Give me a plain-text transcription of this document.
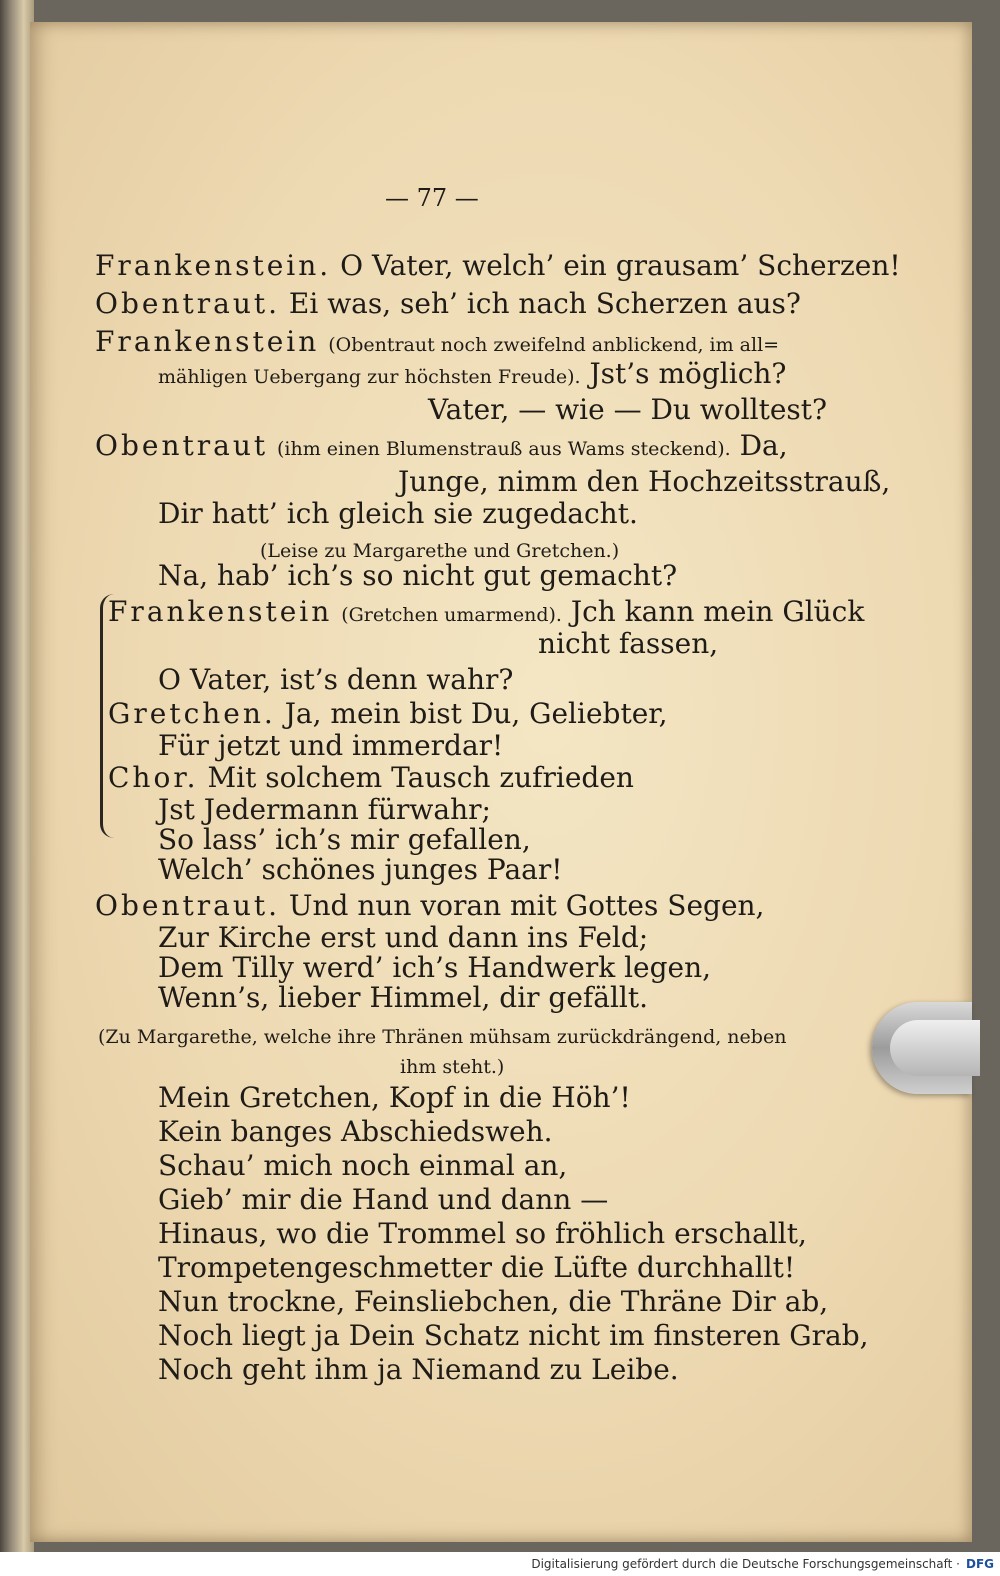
— 77 —
Frankenstein. O Vater, welch’ ein grausam’ Scherzen!
Obentraut. Ei was, seh’ ich nach Scherzen aus?
Frankenstein (Obentraut noch zweifelnd anblickend, im all=
mähligen Uebergang zur höchsten Freude). Jst’s möglich?
Vater, — wie — Du wolltest?
Obentraut (ihm einen Blumenstrauß aus Wams steckend). Da,
Junge, nimm den Hochzeitsstrauß,
Dir hatt’ ich gleich sie zugedacht.
(Leise zu Margarethe und Gretchen.)
Na, hab’ ich’s so nicht gut gemacht?
Frankenstein (Gretchen umarmend). Jch kann mein Glück
nicht fassen,
O Vater, ist’s denn wahr?
Gretchen. Ja, mein bist Du, Geliebter,
Für jetzt und immerdar!
Chor. Mit solchem Tausch zufrieden
Jst Jedermann fürwahr;
So lass’ ich’s mir gefallen,
Welch’ schönes junges Paar!
Obentraut. Und nun voran mit Gottes Segen,
Zur Kirche erst und dann ins Feld;
Dem Tilly werd’ ich’s Handwerk legen,
Wenn’s, lieber Himmel, dir gefällt.
(Zu Margarethe, welche ihre Thränen mühsam zurückdrängend, neben
ihm steht.)
Mein Gretchen, Kopf in die Höh’!
Kein banges Abschiedsweh.
Schau’ mich noch einmal an,
Gieb’ mir die Hand und dann —
Hinaus, wo die Trommel so fröhlich erschallt,
Trompetengeschmetter die Lüfte durchhallt!
Nun trockne, Feinsliebchen, die Thräne Dir ab,
Noch liegt ja Dein Schatz nicht im finsteren Grab,
Noch geht ihm ja Niemand zu Leibe.
Digitalisierung gefördert durch die Deutsche Forschungsgemeinschaft · DFG
